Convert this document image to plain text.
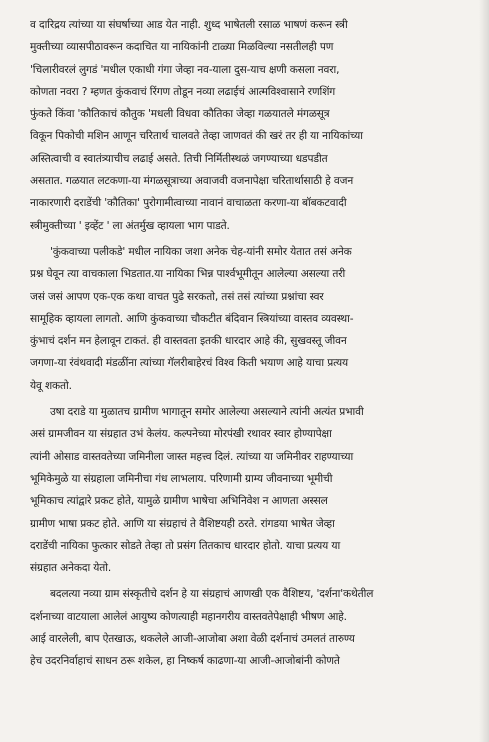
व दारिद्रय त्यांच्या या संघर्षाच्या आड येत नाही. शुध्द भाषेतली रसाळ भाषणं करून स्त्री
मुक्तीच्या व्यासपीठावरून कदाचित या नायिकांनी टाळ्या मिळविल्या नसतीलही पण
'चिलारीवरलं लुगडं 'मधील एकाधी गंगा जेव्हा नव-याला दुस-याच क्षणी कसला नवरा,
कोणता नवरा ? म्हणत कुंकवाचं रिंगण तोडून नव्या लढाईचं आत्मविश्वासाने रणशिंग
फुंकते किंवा 'कौतिकाचं कौतुक 'मधली विधवा कौतिका जेव्हा गळयातले मंगळसूत्र
विकून पिकोची मशिन आणून चरितार्थ चालवते तेव्हा जाणवतं की खरं तर ही या नायिकांच्या
अस्तित्वाची व स्वातंत्र्याचीच लढाई असते. तिची निर्मितीस्थळं जगण्याच्या धडपडीत
असतात. गळयात लटकणा-या मंगळसूत्राच्या अवाजवी वजनापेक्षा चरितार्थासाठी हे वजन
नाकारणारी दराडेंची 'कौतिका' पुरोगामीत्वाच्या नावानं वाचाळता करणा-या बॉबकटवादी
स्त्रीमुक्तीच्या ' इव्हेंट ' ला अंतर्मुख व्हायला भाग पाडते.
'कुंकवाच्या पलीकडे' मधील नायिका जशा अनेक चेह-यांनी समोर येतात तसं अनेक
प्रश्न घेवून त्या वाचकाला भिडतात.या नायिका भिन्न पार्श्वभूमीतून आलेल्या असल्या तरी
जसं जसं आपण एक-एक कथा वाचत पुढे सरकतो, तसं तसं त्यांच्या प्रश्नांचा स्वर
सामूहिक व्हायला लागतो. आणि कुंकवाच्या चौकटीत बंदिवान स्त्रियांच्या वास्तव व्यवस्था-
कुंभाचं दर्शन मन हेलावून टाकतं. ही वास्तवता इतकी धारदार आहे की, सुखवस्तू जीवन
जगणा-या रंवंथवादी मंडळींना त्यांच्या गॅलरीबाहेरचं विश्व किती भयाण आहे याचा प्रत्यय
येवू शकतो.
उषा दराडे या मुळातच ग्रामीण भागातून समोर आलेल्या असल्याने त्यांनी अत्यंत प्रभावी
असं ग्रामजीवन या संग्रहात उभं केलंय. कल्पनेच्या मोरपंखी रथावर स्वार होण्यापेक्षा
त्यांनी ओसाड वास्तवतेच्या जमिनीला जास्त महत्त्व दिलं. त्यांच्या या जमिनीवर राहण्याच्या
भूमिकेमुळे या संग्रहाला जमिनीचा गंध लाभलाय. परिणामी ग्राम्य जीवनाच्या भूमीची
भूमिकाच त्यांद्वारे प्रकट होते, यामुळे ग्रामीण भाषेचा अभिनिवेश न आणता अस्सल
ग्रामीण भाषा प्रकट होते. आणि या संग्रहाचं ते वैशिष्टयही ठरते. रांगडया भाषेत जेव्हा
दराडेंची नायिका फुत्कार सोडते तेव्हा तो प्रसंग तितकाच धारदार होतो. याचा प्रत्यय या
संग्रहात अनेकदा येतो.
बदलत्या नव्या ग्राम संस्कृतीचे दर्शन हे या संग्रहाचं आणखी एक वैशिष्टय, 'दर्शना'कथेतील
दर्शनाच्या वाटयाला आलेलं आयुष्य कोणत्याही महानगरीय वास्तवतेपेक्षाही भीषण आहे.
आई वारलेली, बाप ऐतखाऊ, थकलेले आजी-आजोबा अशा वेळी दर्शनाचं उमलतं तारुण्य
हेच उदरनिर्वाहाचं साधन ठरू शकेल, हा निष्कर्ष काढणा-या आजी-आजोबांनी कोणते
